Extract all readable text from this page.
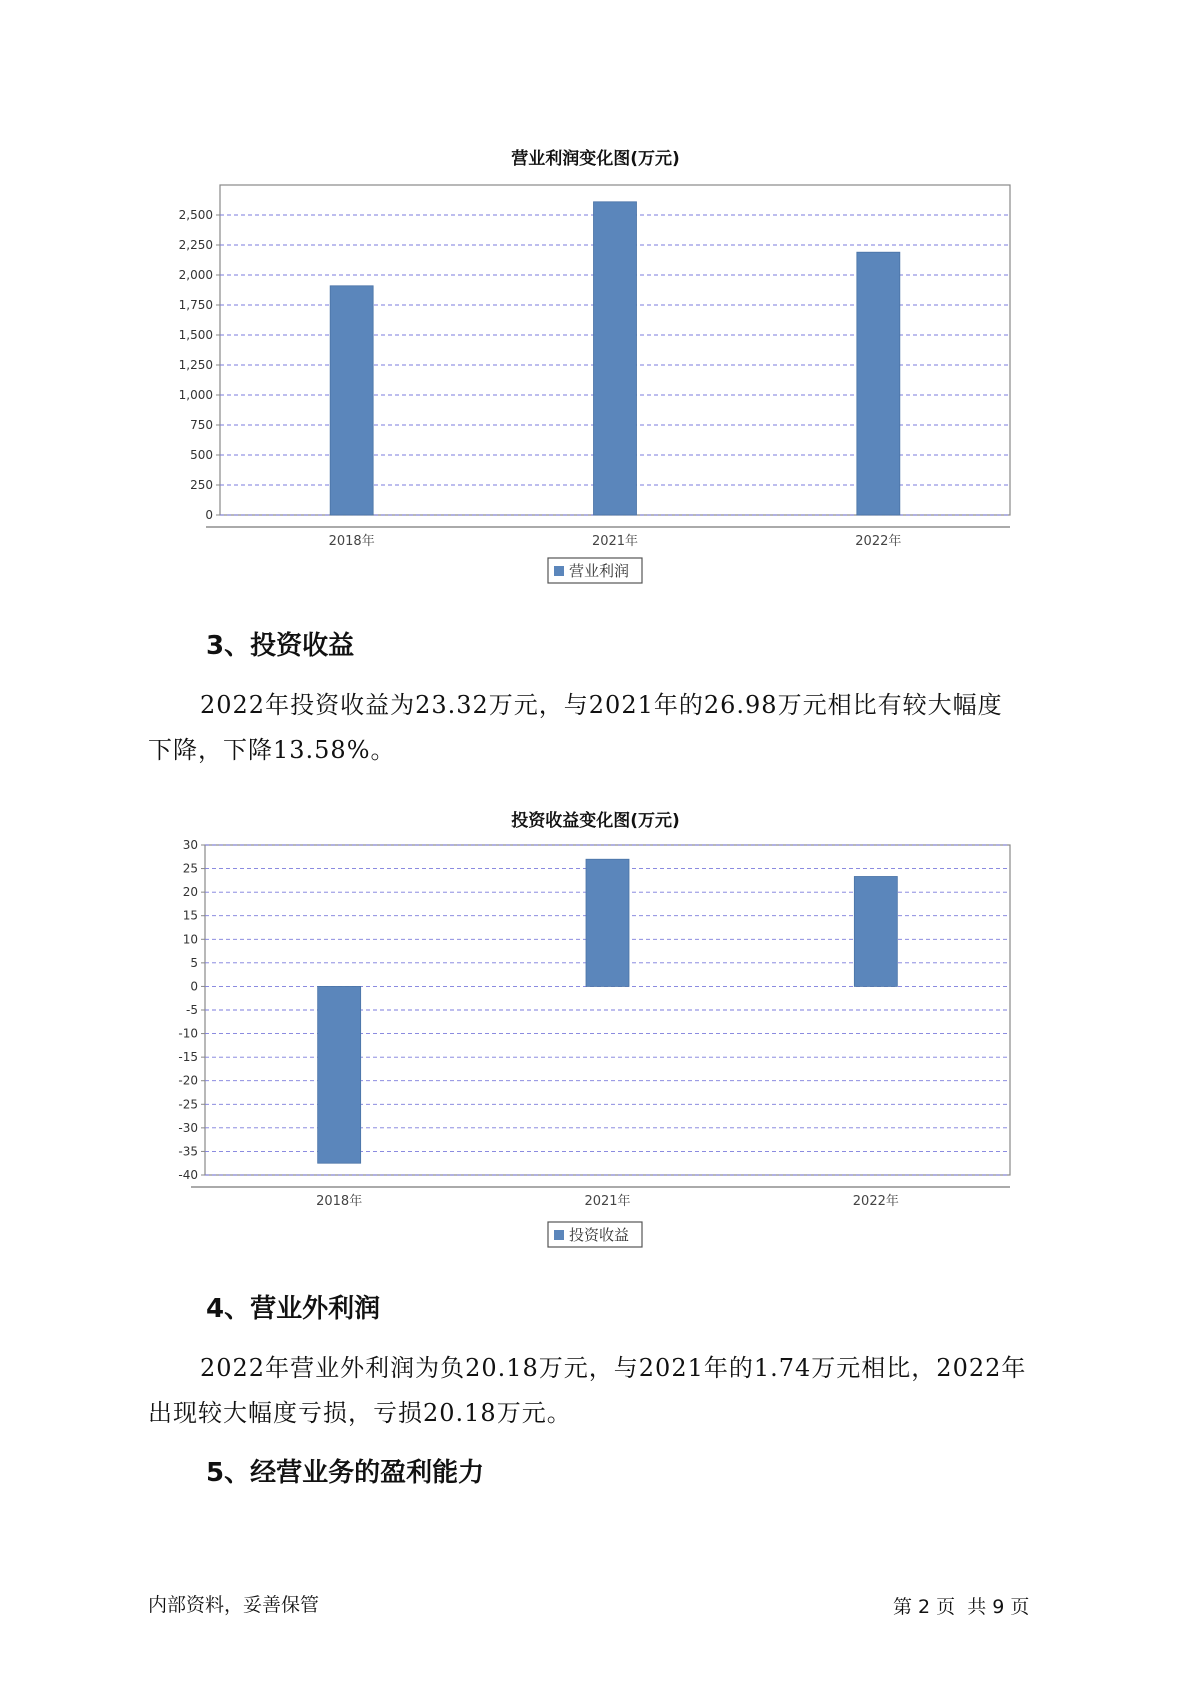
营业利润变化图(万元)
0
250
500
750
1,000
1,250
1,500
1,750
2,000
2,250
2,500
2018年	2021年	2022年
营业利润
3、投资收益
2022年投资收益为23.32万元，与2021年的26.98万元相比有较大幅度
下降，下降13.58%。
投资收益变化图(万元)
-40
-35
-30
-25
-20
-15
-10
-5
0
5
10
15
20
25
30
2018年	2021年	2022年
投资收益
4、营业外利润
2022年营业外利润为负20.18万元，与2021年的1.74万元相比，2022年
出现较大幅度亏损，亏损20.18万元。
5、经营业务的盈利能力
内部资料，妥善保管	第 2 页  共 9 页
